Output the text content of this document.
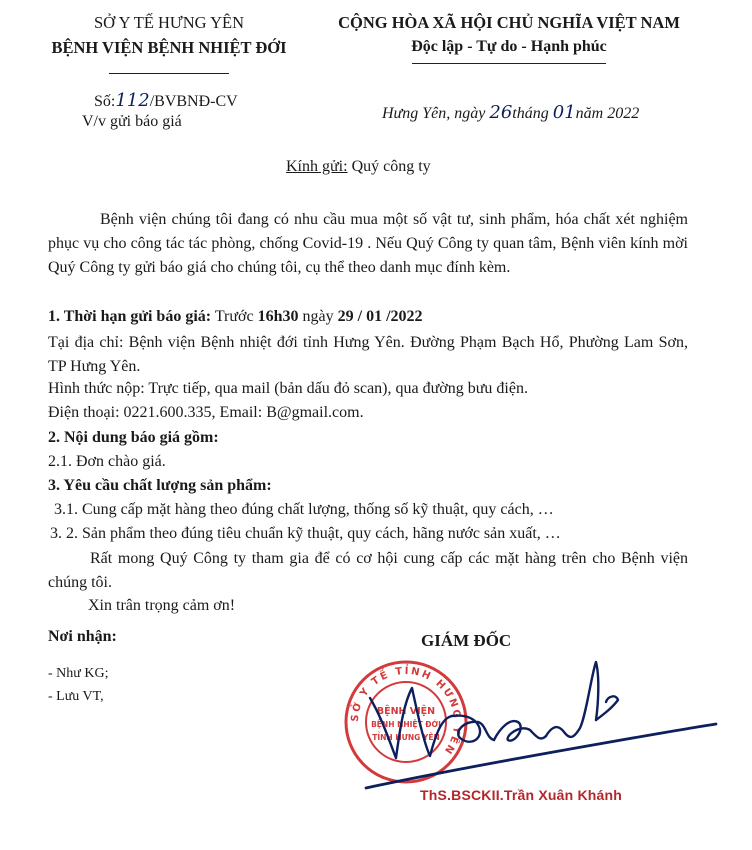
SỞ Y TẾ HƯNG YÊN
BỆNH VIỆN BỆNH NHIỆT ĐỚI
Số:112/BVBNĐ-CV
V/v gửi báo giá
CỘNG HÒA XÃ HỘI CHỦ NGHĨA VIỆT NAM
Độc lập - Tự do - Hạnh phúc
Hưng Yên, ngày 26tháng 01năm 2022
Kính gửi: Quý công ty
Bệnh viện chúng tôi đang có nhu cầu mua một số vật tư, sinh phẩm, hóa chất xét nghiệm phục vụ cho công tác tác phòng, chống Covid-19 . Nếu Quý Công ty quan tâm, Bệnh viên kính mời Quý Công ty gửi báo giá cho chúng tôi, cụ thể theo danh mục đính kèm.
1. Thời hạn gửi báo giá: Trước 16h30 ngày 29 / 01 /2022
Tại địa chỉ: Bệnh viện Bệnh nhiệt đới tỉnh Hưng Yên. Đường Phạm Bạch Hổ, Phường Lam Sơn, TP Hưng Yên.
Hình thức nộp: Trực tiếp, qua mail (bản dấu đỏ scan), qua đường bưu điện.
Điện thoại: 0221.600.335, Email: B@gmail.com.
2. Nội dung báo giá gồm:
2.1. Đơn chào giá.
3. Yêu cầu chất lượng sản phẩm:
3.1. Cung cấp mặt hàng theo đúng chất lượng, thống số kỹ thuật, quy cách, …
3. 2. Sản phẩm theo đúng tiêu chuẩn kỹ thuật, quy cách, hãng nước sản xuất, …
Rất mong Quý Công ty tham gia để có cơ hội cung cấp các mặt hàng trên cho Bệnh viện chúng tôi.
Xin trân trọng cảm ơn!
Nơi nhận:
- Như KG;
- Lưu VT,
GIÁM ĐỐC
SỞ Y TẾ TỈNH HƯNG YÊN
BỆNH VIỆN
BỆNH NHIỆT ĐỚI
TỈNH HƯNG YÊN
ThS.BSCKII.Trần Xuân Khánh
